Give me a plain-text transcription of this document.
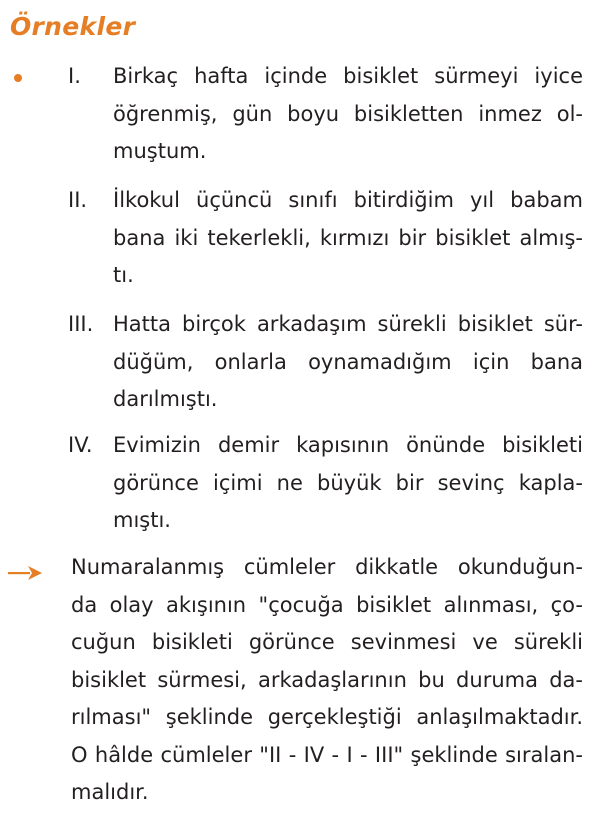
Örnekler
I. Birkaç hafta içinde bisiklet sürmeyi iyice
öğrenmiş, gün boyu bisikletten inmez ol-
muştum.
II. İlkokul üçüncü sınıfı bitirdiğim yıl babam
bana iki tekerlekli, kırmızı bir bisiklet almış-
tı.
III. Hatta birçok arkadaşım sürekli bisiklet sür-
düğüm, onlarla oynamadığım için bana
darılmıştı.
IV. Evimizin demir kapısının önünde bisikleti
görünce içimi ne büyük bir sevinç kapla-
mıştı.
Numaralanmış cümleler dikkatle okunduğun-
da olay akışının "çocuğa bisiklet alınması, ço-
cuğun bisikleti görünce sevinmesi ve sürekli
bisiklet sürmesi, arkadaşlarının bu duruma da-
rılması" şeklinde gerçekleştiği anlaşılmaktadır.
O hâlde cümleler "II - IV - I - III" şeklinde sıralan-
malıdır.
